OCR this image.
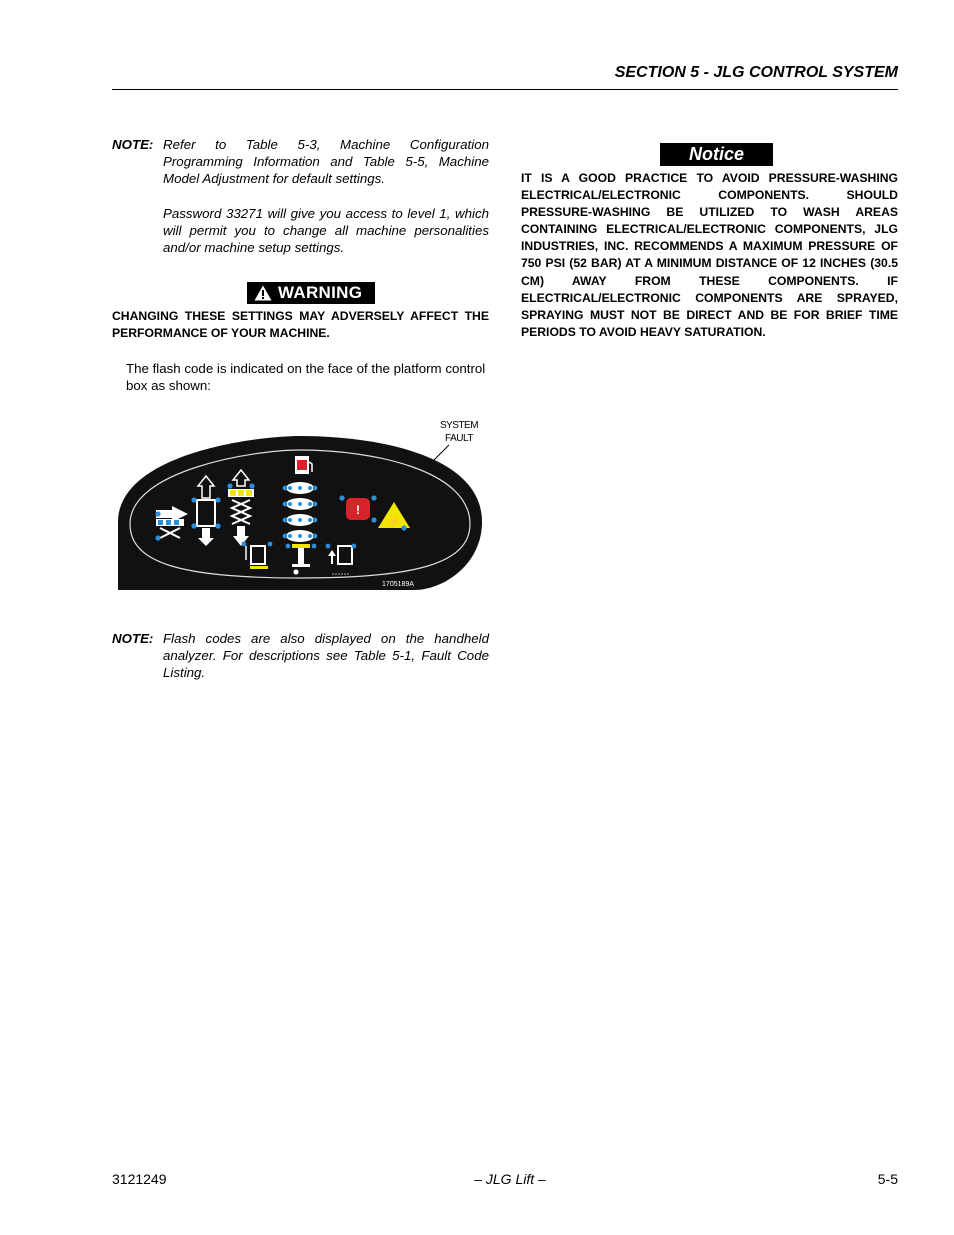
SECTION 5 - JLG CONTROL SYSTEM
NOTE: Refer to Table 5-3, Machine Configuration Programming Information and Table 5-5, Machine Model Adjustment for default settings.

Password 33271 will give you access to level 1, which will permit you to change all machine personalities and/or machine setup settings.

WARNING
CHANGING THESE SETTINGS MAY ADVERSELY AFFECT THE PERFORMANCE OF YOUR MACHINE.
The flash code is indicated on the face of the platform control box as shown:
SYSTEM
FAULT
!
⚡
1705189A
NOTE: Flash codes are also displayed on the handheld analyzer. For descriptions see Table 5-1, Fault Code Listing.
Notice
IT IS A GOOD PRACTICE TO AVOID PRESSURE-WASHING ELECTRICAL/ELECTRONIC COMPONENTS. SHOULD PRESSURE-WASHING BE UTILIZED TO WASH AREAS CONTAINING ELECTRICAL/ELECTRONIC COMPONENTS, JLG INDUSTRIES, INC. RECOMMENDS A MAXIMUM PRESSURE OF 750 PSI (52 BAR) AT A MINIMUM DISTANCE OF 12 INCHES (30.5 CM) AWAY FROM THESE COMPONENTS. IF ELECTRICAL/ELECTRONIC COMPONENTS ARE SPRAYED, SPRAYING MUST NOT BE DIRECT AND BE FOR BRIEF TIME PERIODS TO AVOID HEAVY SATURATION.
3121249	– JLG Lift –	5-5
